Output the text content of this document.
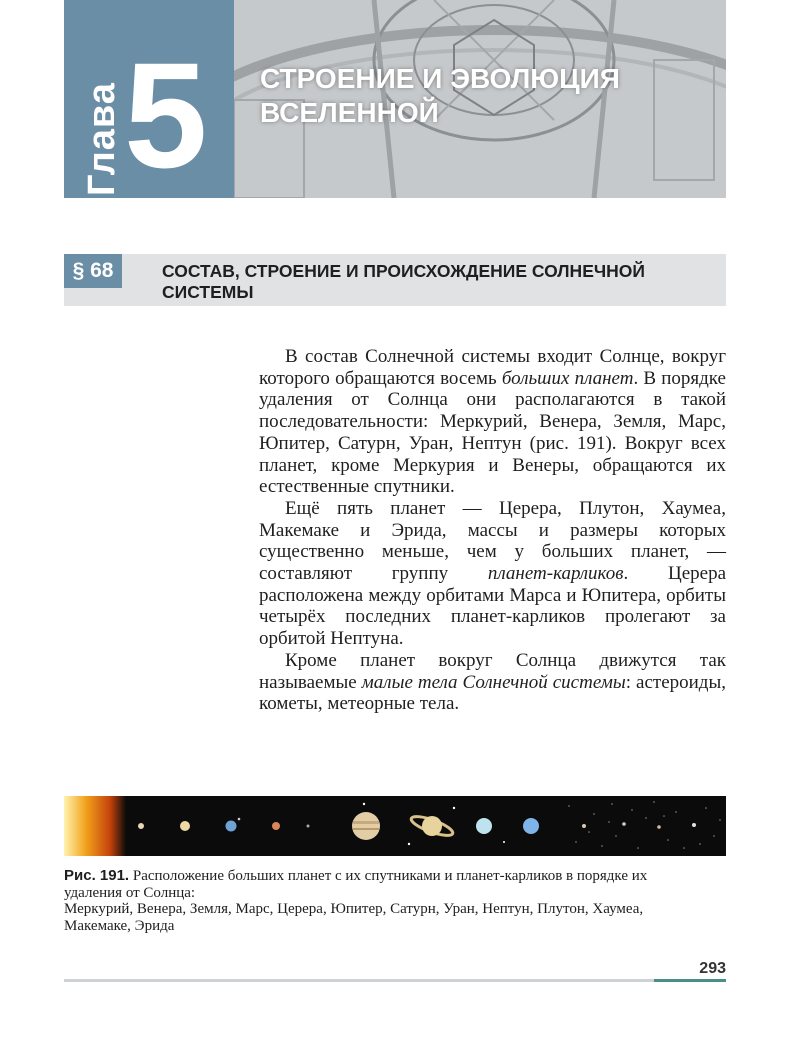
Глава 5 СТРОЕНИЕ И ЭВОЛЮЦИЯ ВСЕЛЕННОЙ
§ 68	СОСТАВ, СТРОЕНИЕ И ПРОИСХОЖДЕНИЕ СОЛНЕЧНОЙ СИСТЕМЫ

В состав Солнечной системы входит Солнце, вокруг которого обращаются восемь больших планет. В порядке удаления от Солнца они располагаются в такой последовательности: Меркурий, Венера, Земля, Марс, Юпитер, Сатурн, Уран, Нептун (рис. 191). Вокруг всех планет, кроме Меркурия и Венеры, обращаются их естественные спутники.

Ещё пять планет — Церера, Плутон, Хаумеа, Макемаке и Эрида, массы и размеры которых существенно меньше, чем у больших планет, — составляют группу планет-карликов. Церера расположена между орбитами Марса и Юпитера, орбиты четырёх последних планет-карликов пролегают за орбитой Нептуна.

Кроме планет вокруг Солнца движутся так называемые малые тела Солнечной системы: астероиды, кометы, метеорные тела.

Рис. 191. Расположение больших планет с их спутниками и планет-карликов в порядке их удаления от Солнца:
Меркурий, Венера, Земля, Марс, Церера, Юпитер, Сатурн, Уран, Нептун, Плутон, Хаумеа, Макемаке, Эрида
293
